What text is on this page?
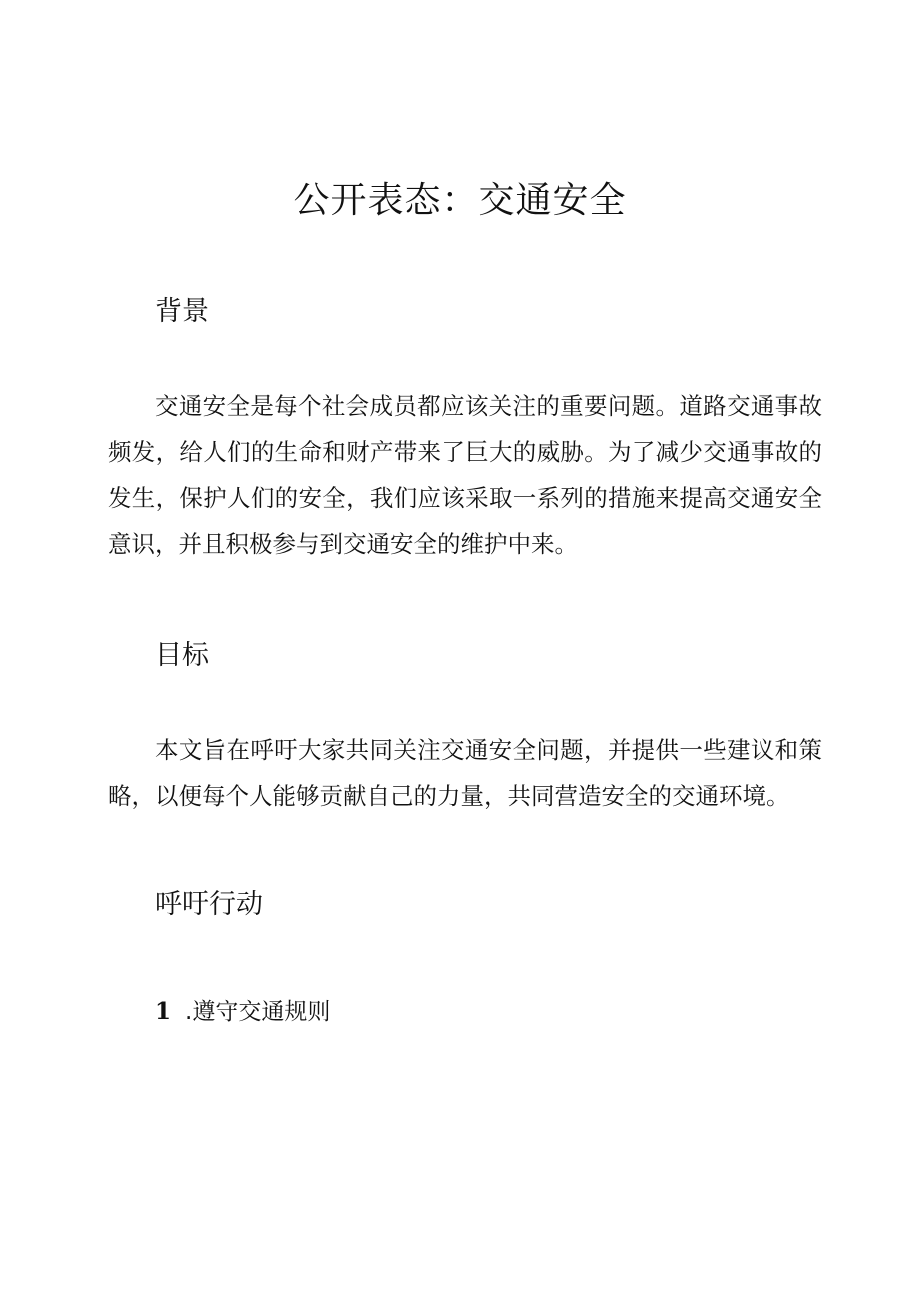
公开表态：交通安全
背景

交通安全是每个社会成员都应该关注的重要问题。道路交通事故频发，给人们的生命和财产带来了巨大的威胁。为了减少交通事故的发生，保护人们的安全，我们应该采取一系列的措施来提高交通安全意识，并且积极参与到交通安全的维护中来。

目标

本文旨在呼吁大家共同关注交通安全问题，并提供一些建议和策略，以便每个人能够贡献自己的力量，共同营造安全的交通环境。

呼吁行动
1 .遵守交通规则
